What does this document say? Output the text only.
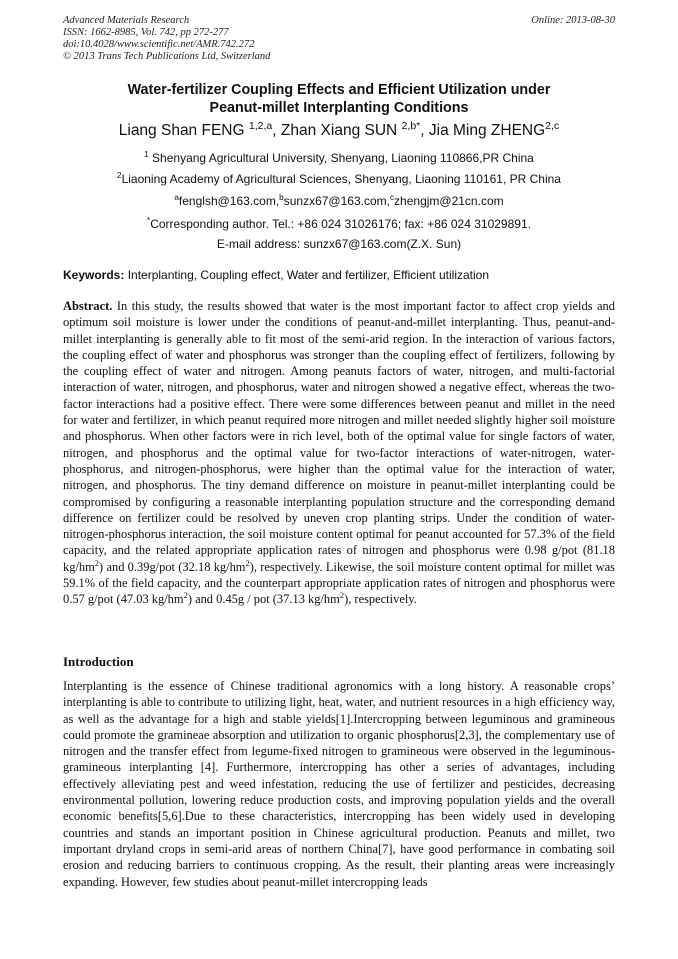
Advanced Materials Research
ISSN: 1662-8985, Vol. 742, pp 272-277
doi:10.4028/www.scientific.net/AMR.742.272
© 2013 Trans Tech Publications Ltd, Switzerland
Online: 2013-08-30
Water-fertilizer Coupling Effects and Efficient Utilization under
Peanut-millet Interplanting Conditions
Liang Shan FENG $^{1,2,a}$, Zhan Xiang SUN $^{2,b*}$, Jia Ming ZHENG$^{2,c}$
$^1$ Shenyang Agricultural University, Shenyang, Liaoning 110866,PR China
$^2$Liaoning Academy of Agricultural Sciences, Shenyang, Liaoning 110161, PR China
$^a$fenglsh@163.com,$^b$sunzx67@163.com,$^c$zhengjm@21cn.com
*Corresponding author. Tel.: +86 024 31026176; fax: +86 024 31029891.
E-mail address: sunzx67@163.com(Z.X. Sun)
Keywords: Interplanting, Coupling effect, Water and fertilizer, Efficient utilization
Abstract. In this study, the results showed that water is the most important factor to affect crop yields and optimum soil moisture is lower under the conditions of peanut-and-millet interplanting. Thus, peanut-and-millet interplanting is generally able to fit most of the semi-arid region. In the interaction of various factors, the coupling effect of water and phosphorus was stronger than the coupling effect of fertilizers, following by the coupling effect of water and nitrogen. Among peanuts factors of water, nitrogen, and multi-factorial interaction of water, nitrogen, and phosphorus, water and nitrogen showed a negative effect, whereas the two-factor interactions had a positive effect. There were some differences between peanut and millet in the need for water and fertilizer, in which peanut required more nitrogen and millet needed slightly higher soil moisture and phosphorus. When other factors were in rich level, both of the optimal value for single factors of water, nitrogen, and phosphorus and the optimal value for two-factor interactions of water-nitrogen, water-phosphorus, and nitrogen-phosphorus, were higher than the optimal value for the interaction of water, nitrogen, and phosphorus. The tiny demand difference on moisture in peanut-millet interplanting could be compromised by configuring a reasonable interplanting population structure and the corresponding demand difference on fertilizer could be resolved by uneven crop planting strips. Under the condition of water-nitrogen-phosphorus interaction, the soil moisture content optimal for peanut accounted for 57.3% of the field capacity, and the related appropriate application rates of nitrogen and phosphorus were 0.98 g/pot (81.18 $kg/hm^2$) and 0.39g/pot (32.18 $kg/hm^2$), respectively. Likewise, the soil moisture content optimal for millet was 59.1% of the field capacity, and the counterpart appropriate application rates of nitrogen and phosphorus were 0.57 g/pot (47.03 $kg/hm^2$) and 0.45g / pot (37.13 $kg/hm^2$), respectively.
Introduction
Interplanting is the essence of Chinese traditional agronomics with a long history. A reasonable crops’ interplanting is able to contribute to utilizing light, heat, water, and nutrient resources in a high efficiency way, as well as the advantage for a high and stable yields[1].Intercropping between leguminous and gramineous could promote the gramineae absorption and utilization to organic phosphorus[2,3], the complementary use of nitrogen and the transfer effect from legume-fixed nitrogen to gramineous were observed in the leguminous-gramineous interplanting [4]. Furthermore, intercropping has other a series of advantages, including effectively alleviating pest and weed infestation, reducing the use of fertilizer and pesticides, decreasing environmental pollution, lowering reduce production costs, and improving population yields and the overall economic benefits[5,6].Due to these characteristics, intercropping has been widely used in developing countries and stands an important position in Chinese agricultural production. Peanuts and millet, two important dryland crops in semi-arid areas of northern China[7], have good performance in combating soil erosion and reducing barriers to continuous cropping. As the result, their planting areas were increasingly expanding. However, few studies about peanut-millet intercropping leads
